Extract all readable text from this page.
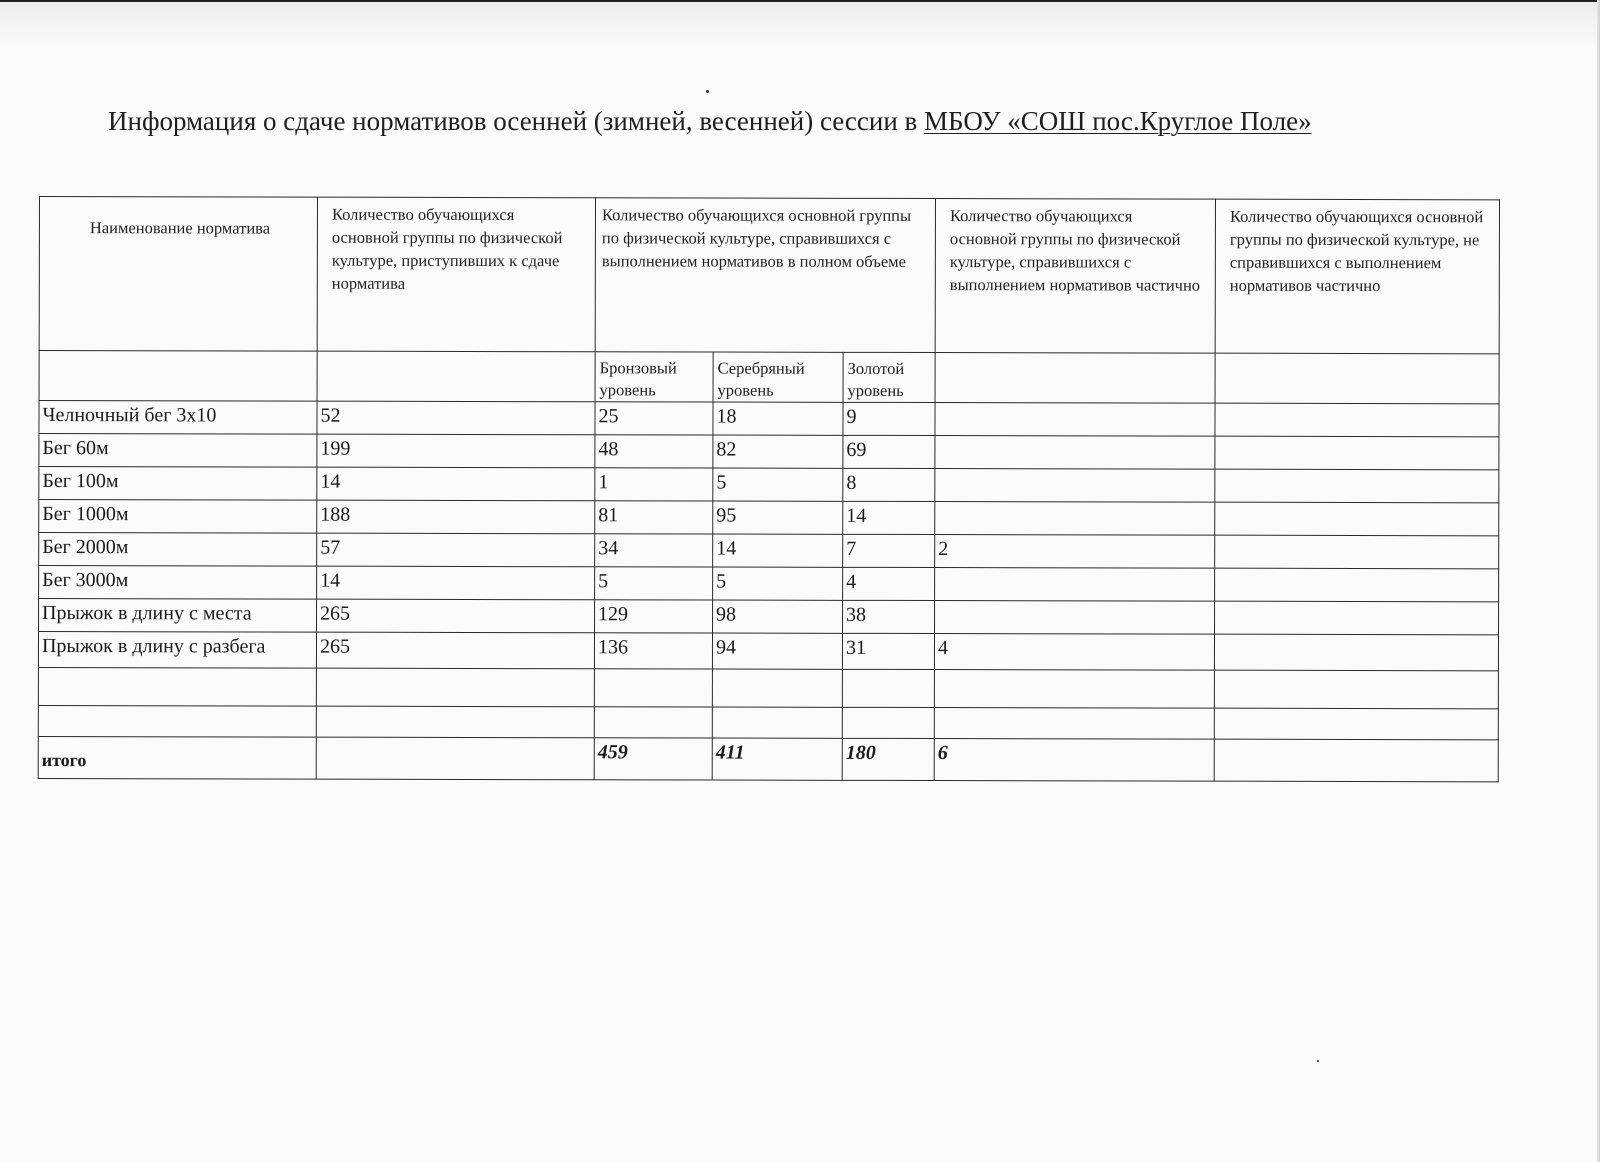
Информация о сдаче нормативов осенней (зимней, весенней) сессии в МБОУ «СОШ пос.Круглое Поле»
Наименование норматива	Количество обучающихся основной группы по физической культуре, приступивших к сдаче норматива	Количество обучающихся основной группы по физической культуре, справившихся с выполнением нормативов в полном объеме			Количество обучающихся основной группы по физической культуре, справившихся с выполнением нормативов частично	Количество обучающихся основной группы по физической культуре, не справившихся с выполнением нормативов частично
		Бронзовый уровень	Серебряный уровень	Золотой уровень		
Челночный бег 3х10	52	25	18	9		
Бег 60м	199	48	82	69		
Бег 100м	14	1	5	8		
Бег 1000м	188	81	95	14		
Бег 2000м	57	34	14	7	2	
Бег 3000м	14	5	5	4		
Прыжок в длину с места	265	129	98	38		
Прыжок в длину с разбега	265	136	94	31	4	

итого		459	411	180	6	
